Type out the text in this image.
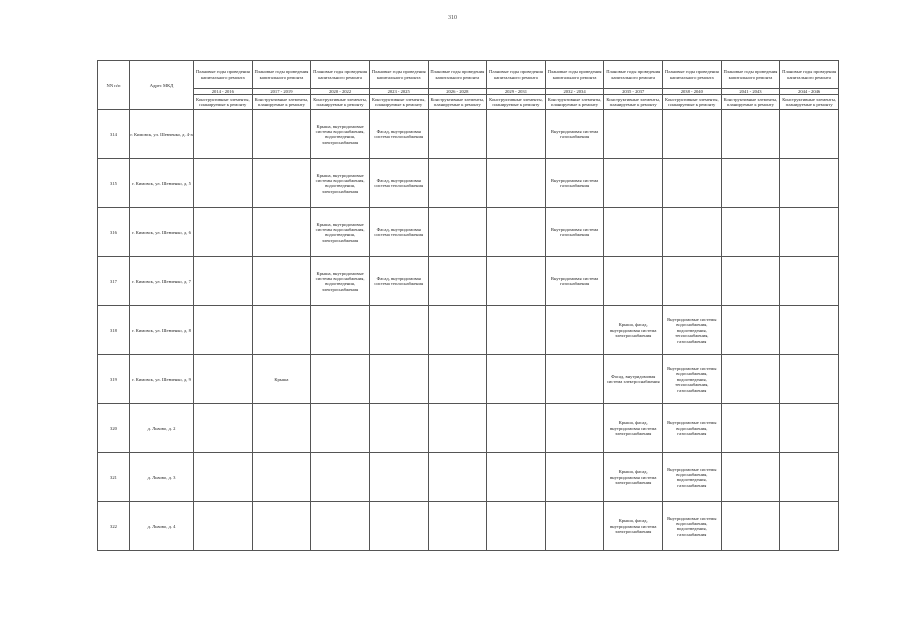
310
NN п/п	Адрес МКД	Плановые годы проведения капитального ремонта	Плановые годы проведения капитального ремонта	Плановые годы проведения капитального ремонта	Плановые годы проведения капитального ремонта	Плановые годы проведения капитального ремонта	Плановые годы проведения капитального ремонта	Плановые годы проведения капитального ремонта	Плановые годы проведения капитального ремонта	Плановые годы проведения капитального ремонта	Плановые годы проведения капитального ремонта	Плановые годы проведения капитального ремонта
		2014 - 2016	2017 - 2019	2020 - 2022	2023 - 2025	2026 - 2028	2029 - 2031	2032 - 2034	2035 - 2037	2038 - 2040	2041 - 2043	2044 - 2046
		Конструктивные элементы, планируемые к ремонту	Конструктивные элементы, планируемые к ремонту	Конструктивные элементы, планируемые к ремонту	Конструктивные элементы, планируемые к ремонту	Конструктивные элементы, планируемые к ремонту	Конструктивные элементы, планируемые к ремонту	Конструктивные элементы, планируемые к ремонту	Конструктивные элементы, планируемые к ремонту	Конструктивные элементы, планируемые к ремонту	Конструктивные элементы, планируемые к ремонту	Конструктивные элементы, планируемые к ремонту
314	г. Кимовск, ул. Шевченко, д. 4-а			Крыша, внутридомовые системы водоснабжения, водоотведения, электроснабжения	Фасад, внутридомовая система теплоснабжения			Внутридомовая система газоснабжения				
315	г. Кимовск, ул. Шевченко, д. 5			Крыша, внутридомовые системы водоснабжения, водоотведения, электроснабжения	Фасад, внутридомовая система теплоснабжения			Внутридомовая система газоснабжения				
316	г. Кимовск, ул. Шевченко, д. 6			Крыша, внутридомовые системы водоснабжения, водоотведения, электроснабжения	Фасад, внутридомовая система теплоснабжения			Внутридомовая система газоснабжения				
317	г. Кимовск, ул. Шевченко, д. 7			Крыша, внутридомовые системы водоснабжения, водоотведения, электроснабжения	Фасад, внутридомовая система теплоснабжения			Внутридомовая система газоснабжения				
318	г. Кимовск, ул. Шевченко, д. 8								Крыша, фасад, внутридомовая система электроснабжения	Внутридомовые системы водоснабжения, водоотведения, теплоснабжения, газоснабжения		
319	г. Кимовск, ул. Шевченко, д. 9		Крыша						Фасад, внутридомовая система электроснабжения	Внутридомовые системы водоснабжения, водоотведения, теплоснабжения, газоснабжения		
320	д. Львово, д. 2								Крыша, фасад, внутридомовая система электроснабжения	Внутридомовые системы водоснабжения, газоснабжения		
321	д. Львово, д. 3								Крыша, фасад, внутридомовая система электроснабжения	Внутридомовые системы водоснабжения, водоотведения, газоснабжения		
322	д. Львово, д. 4								Крыша, фасад, внутридомовая система электроснабжения	Внутридомовые системы водоснабжения, водоотведения, газоснабжения		
